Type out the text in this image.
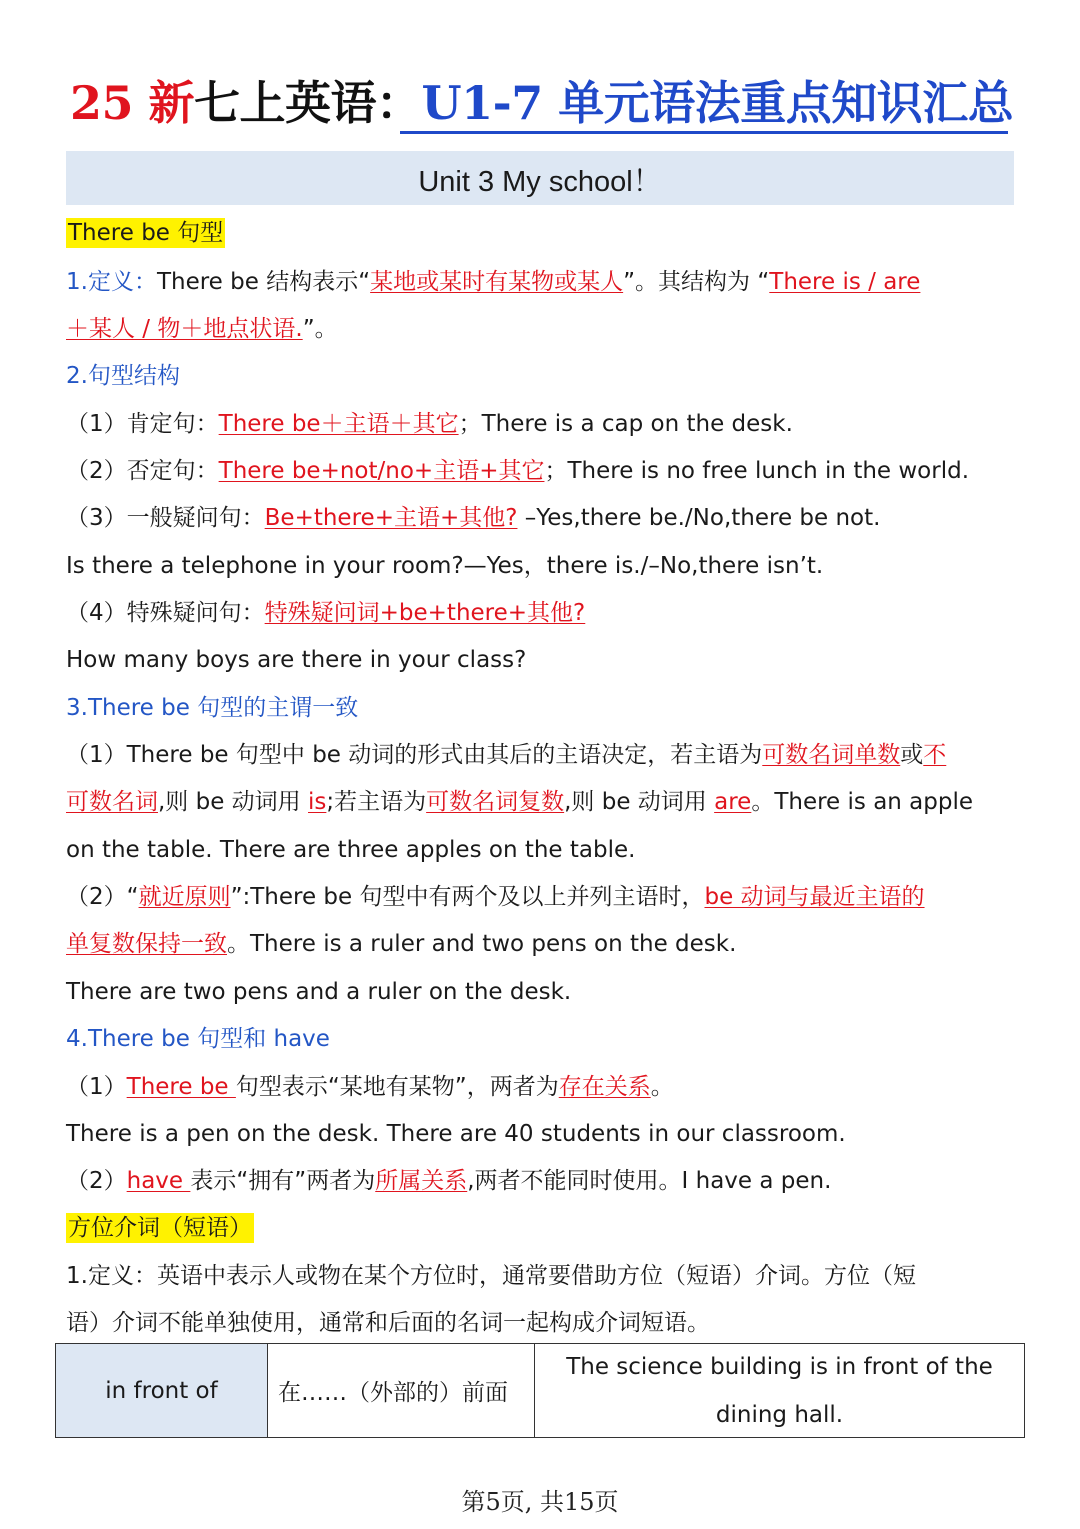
25 新七上英语：U1-7 单元语法重点知识汇总
Unit 3 My school！
There be 句型
1.定义：There be 结构表示“某地或某时有某物或某人”。其结构为 “There is / are
＋某人 / 物＋地点状语.”。
2.句型结构
（1）肯定句：There be＋主语＋其它；There is a cap on the desk.
（2）否定句：There be+not/no+主语+其它；There is no free lunch in the world.
（3）一般疑问句：Be+there+主语+其他? –Yes,there be./No,there be not.
Is there a telephone in your room?—Yes，there is./–No,there isn’t.
（4）特殊疑问句：特殊疑问词+be+there+其他?
How many boys are there in your class?
3.There be 句型的主谓一致
（1）There be 句型中 be 动词的形式由其后的主语决定，若主语为可数名词单数或不
可数名词,则 be 动词用 is;若主语为可数名词复数,则 be 动词用 are。There is an apple
on the table. There are three apples on the table.
（2）“就近原则”:There be 句型中有两个及以上并列主语时，be 动词与最近主语的
单复数保持一致。There is a ruler and two pens on the desk.
There are two pens and a ruler on the desk.
4.There be 句型和 have
（1）There be 句型表示“某地有某物”，两者为存在关系。
There is a pen on the desk. There are 40 students in our classroom.
（2）have 表示“拥有”两者为所属关系,两者不能同时使用。I have a pen.
方位介词（短语）
1.定义：英语中表示人或物在某个方位时，通常要借助方位（短语）介词。方位（短
语）介词不能单独使用，通常和后面的名词一起构成介词短语。
in front of	在……（外部的）前面
The science building is in front of the
dining hall.
第5页, 共15页
